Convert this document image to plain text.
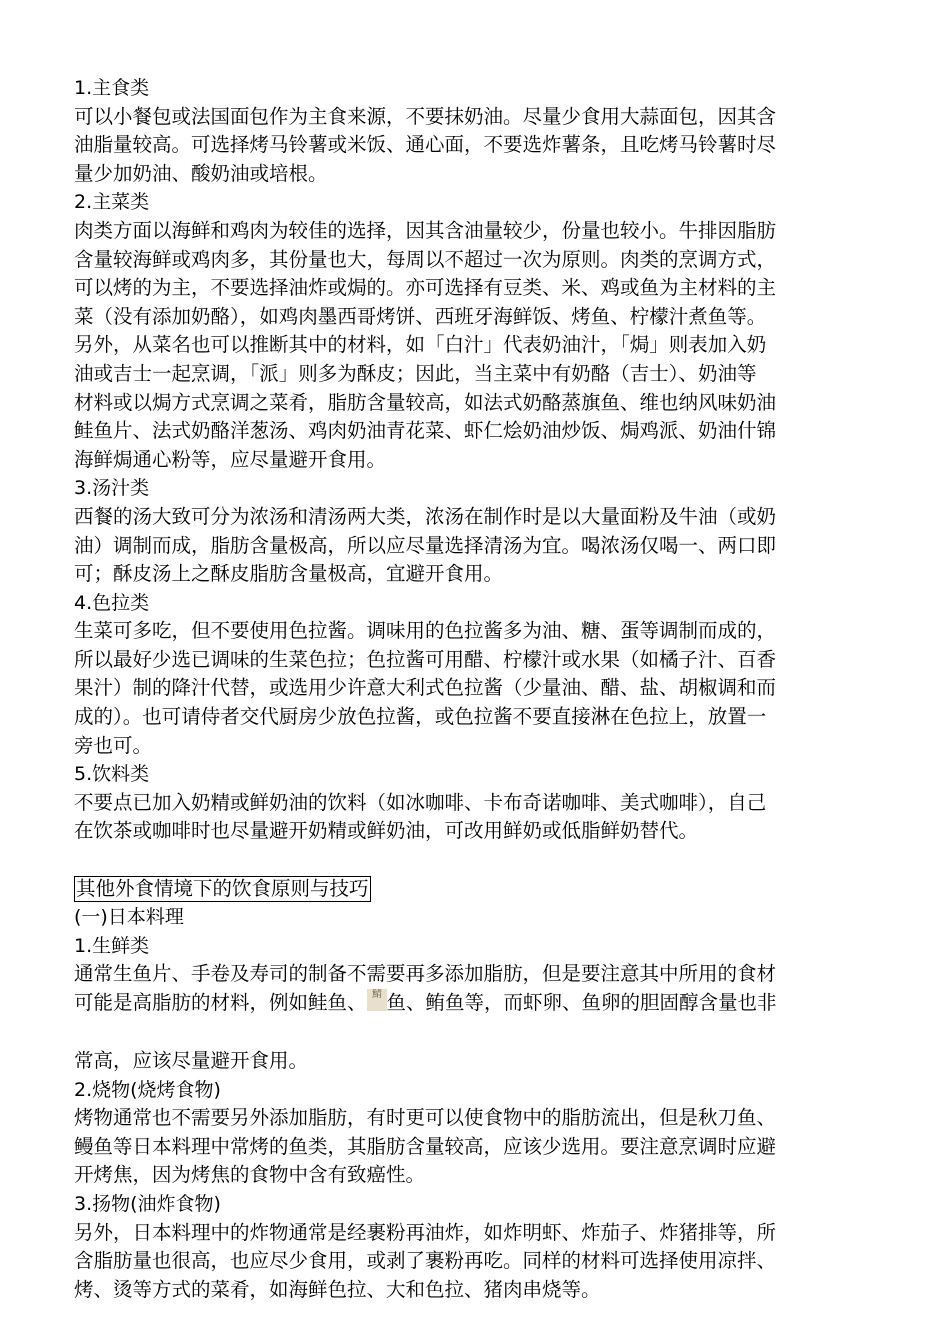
1.主食类
可以小餐包或法国面包作为主食来源，不要抹奶油。尽量少食用大蒜面包，因其含
油脂量较高。可选择烤马铃薯或米饭、通心面，不要选炸薯条，且吃烤马铃薯时尽
量少加奶油、酸奶油或培根。
2.主菜类
肉类方面以海鲜和鸡肉为较佳的选择，因其含油量较少，份量也较小。牛排因脂肪
含量较海鲜或鸡肉多，其份量也大，每周以不超过一次为原则。肉类的烹调方式，
可以烤的为主，不要选择油炸或焗的。亦可选择有豆类、米、鸡或鱼为主材料的主
菜（没有添加奶酪），如鸡肉墨西哥烤饼、西班牙海鲜饭、烤鱼、柠檬汁煮鱼等。
另外，从菜名也可以推断其中的材料，如「白汁」代表奶油汁，「焗」则表加入奶
油或吉士一起烹调，「派」则多为酥皮；因此，当主菜中有奶酪（吉士）、奶油等
材料或以焗方式烹调之菜肴，脂肪含量较高，如法式奶酪蒸旗鱼、维也纳风味奶油
鲑鱼片、法式奶酪洋葱汤、鸡肉奶油青花菜、虾仁烩奶油炒饭、焗鸡派、奶油什锦
海鲜焗通心粉等，应尽量避开食用。
3.汤汁类
西餐的汤大致可分为浓汤和清汤两大类，浓汤在制作时是以大量面粉及牛油（或奶
油）调制而成，脂肪含量极高，所以应尽量选择清汤为宜。喝浓汤仅喝一、两口即
可；酥皮汤上之酥皮脂肪含量极高，宜避开食用。
4.色拉类
生菜可多吃，但不要使用色拉酱。调味用的色拉酱多为油、糖、蛋等调制而成的，
所以最好少选已调味的生菜色拉；色拉酱可用醋、柠檬汁或水果（如橘子汁、百香
果汁）制的降汁代替，或选用少许意大利式色拉酱（少量油、醋、盐、胡椒调和而
成的）。也可请侍者交代厨房少放色拉酱，或色拉酱不要直接淋在色拉上，放置一
旁也可。
5.饮料类
不要点已加入奶精或鲜奶油的饮料（如冰咖啡、卡布奇诺咖啡、美式咖啡），自己
在饮茶或咖啡时也尽量避开奶精或鲜奶油，可改用鲜奶或低脂鲜奶替代。
其他外食情境下的饮食原则与技巧
(一)日本料理
1.生鲜类
通常生鱼片、手卷及寿司的制备不需要再多添加脂肪，但是要注意其中所用的食材
可能是高脂肪的材料，例如鲑鱼、 鯖 鱼、鲔鱼等，而虾卵、鱼卵的胆固醇含量也非
常高，应该尽量避开食用。
2.烧物(烧烤食物)
烤物通常也不需要另外添加脂肪，有时更可以使食物中的脂肪流出，但是秋刀鱼、
鳗鱼等日本料理中常烤的鱼类，其脂肪含量较高，应该少选用。要注意烹调时应避
开烤焦，因为烤焦的食物中含有致癌性。
3.扬物(油炸食物)
另外，日本料理中的炸物通常是经裹粉再油炸，如炸明虾、炸茄子、炸猪排等，所
含脂肪量也很高，也应尽少食用，或剥了裹粉再吃。同样的材料可选择使用凉拌、
烤、烫等方式的菜肴，如海鲜色拉、大和色拉、猪肉串烧等。
